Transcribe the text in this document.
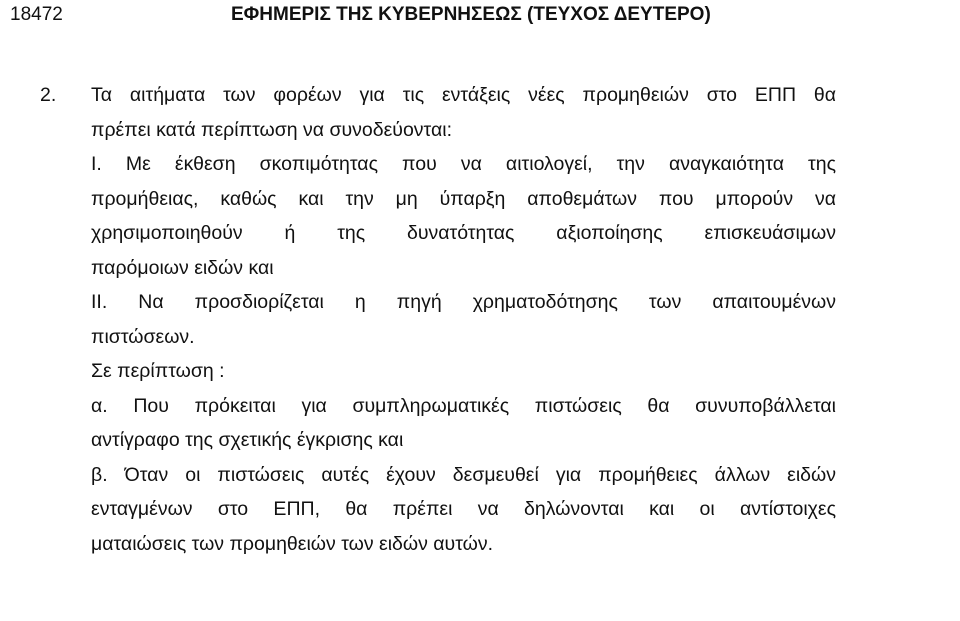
18472	ΕΦΗΜΕΡΙΣ ΤΗΣ ΚΥΒΕΡΝΗΣΕΩΣ (ΤΕΥΧΟΣ ΔΕΥΤΕΡΟ)
2. Τα αιτήματα των φορέων για τις εντάξεις νέες προμηθειών στο ΕΠΠ θα
πρέπει κατά περίπτωση να συνοδεύονται:
Ι. Με έκθεση σκοπιμότητας που να αιτιολογεί, την αναγκαιότητα της
προμήθειας, καθώς και την μη ύπαρξη αποθεμάτων που μπορούν να
χρησιμοποιηθούν ή της δυνατότητας αξιοποίησης επισκευάσιμων
παρόμοιων ειδών και
ΙΙ. Να προσδιορίζεται η πηγή χρηματοδότησης των απαιτουμένων
πιστώσεων.
Σε περίπτωση :
α. Που πρόκειται για συμπληρωματικές πιστώσεις θα συνυποβάλλεται
αντίγραφο της σχετικής έγκρισης και
β. Όταν οι πιστώσεις αυτές έχουν δεσμευθεί για προμήθειες άλλων ειδών
ενταγμένων στο ΕΠΠ, θα πρέπει να δηλώνονται και οι αντίστοιχες
ματαιώσεις των προμηθειών των ειδών αυτών.
